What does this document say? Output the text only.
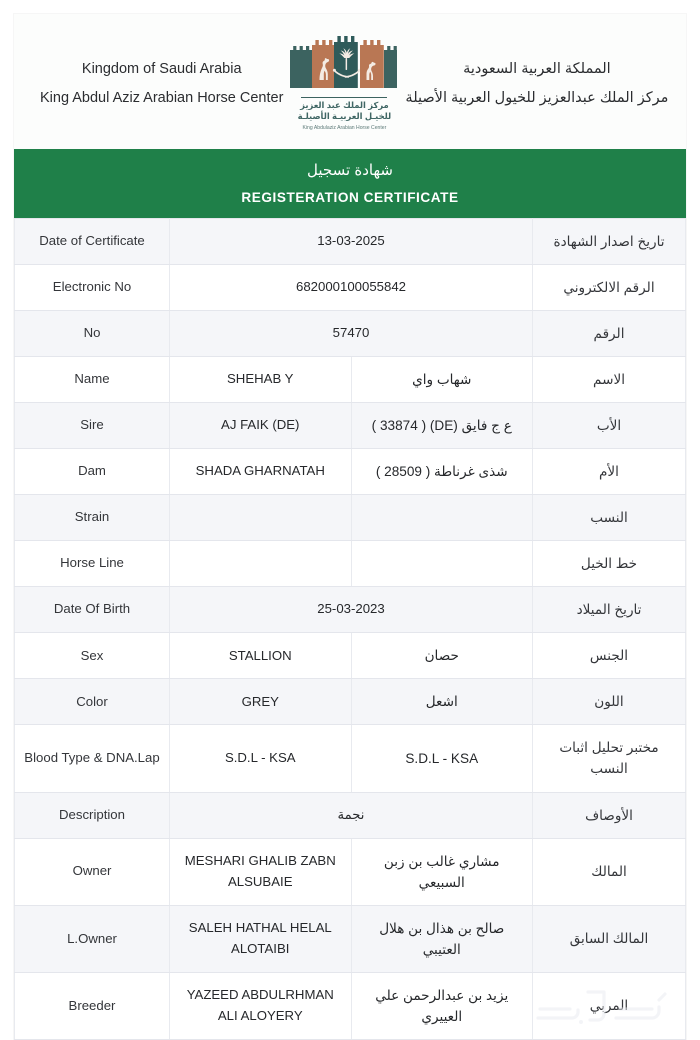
Kingdom of Saudi Arabia
King Abdul Aziz Arabian Horse Center مركز الملك عبد العزيز
للخيـل العربيـة الأصيلـة
King Abdulaziz Arabian Horse Center
المملكة العربية السعودية
مركز الملك عبدالعزيز للخيول العربية الأصيلة
شهادة تسجيل
REGISTERATION CERTIFICATE
Date of Certificate	13-03-2025		تاريخ اصدار الشهادة
Electronic No	682000100055842		الرقم الالكتروني
No	57470		الرقم
Name	SHEHAB Y	شهاب واي	الاسم
Sire	AJ FAIK (DE)	ع ج فايق (DE) ( 33874 )	الأب
Dam	SHADA GHARNATAH	شذى غرناطة ( 28509 )	الأم
Strain			النسب
Horse Line			خط الخيل
Date Of Birth	25-03-2023		تاريخ الميلاد
Sex	STALLION	حصان	الجنس
Color	GREY	اشعل	اللون
Blood Type & DNA.Lap	S.D.L - KSA	S.D.L - KSA	مختبر تحليل اثبات النسب
Description	نجمة		الأوصاف
Owner	MESHARI GHALIB ZABN ALSUBAIE	مشاري غالب بن زبن السبيعي	المالك
L.Owner	SALEH HATHAL HELAL ALOTAIBI	صالح بن هذال بن هلال العتيبي	المالك السابق
Breeder	YAZEED ABDULRHMAN ALI ALOYERY	يزيد بن عبدالرحمن علي العييري	المربي
